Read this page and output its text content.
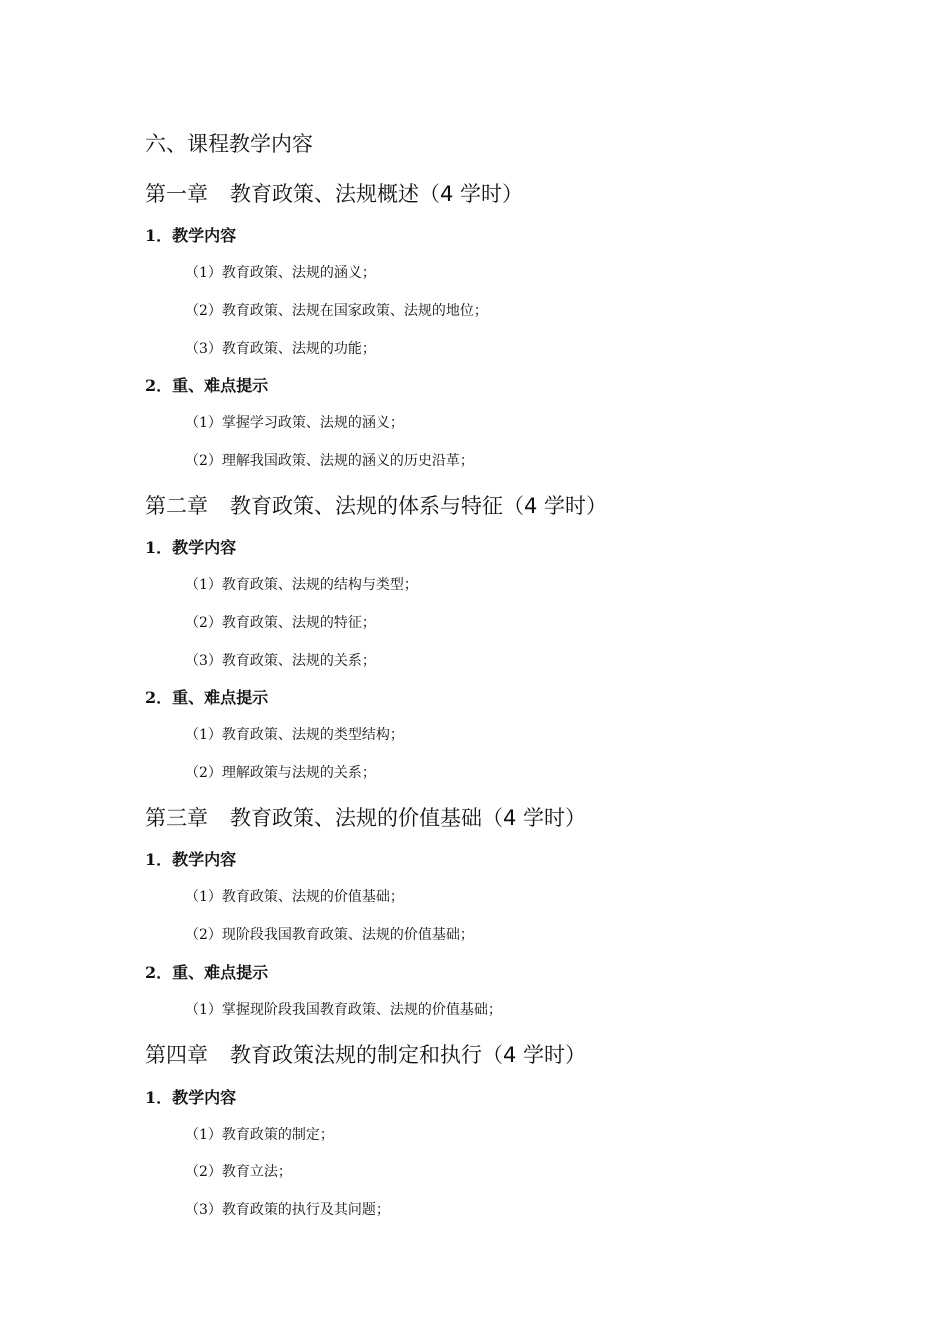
六、课程教学内容
第一章 教育政策、法规概述（4 学时）
1．教学内容
（1）教育政策、法规的涵义；
（2）教育政策、法规在国家政策、法规的地位；
（3）教育政策、法规的功能；
2．重、难点提示
（1）掌握学习政策、法规的涵义；
（2）理解我国政策、法规的涵义的历史沿革；
第二章 教育政策、法规的体系与特征（4 学时）
1．教学内容
（1）教育政策、法规的结构与类型；
（2）教育政策、法规的特征；
（3）教育政策、法规的关系；
2．重、难点提示
（1）教育政策、法规的类型结构；
（2）理解政策与法规的关系；
第三章 教育政策、法规的价值基础（4 学时）
1．教学内容
（1）教育政策、法规的价值基础；
（2）现阶段我国教育政策、法规的价值基础；
2．重、难点提示
（1）掌握现阶段我国教育政策、法规的价值基础；
第四章 教育政策法规的制定和执行（4 学时）
1．教学内容
（1）教育政策的制定；
（2）教育立法；
（3）教育政策的执行及其问题；
